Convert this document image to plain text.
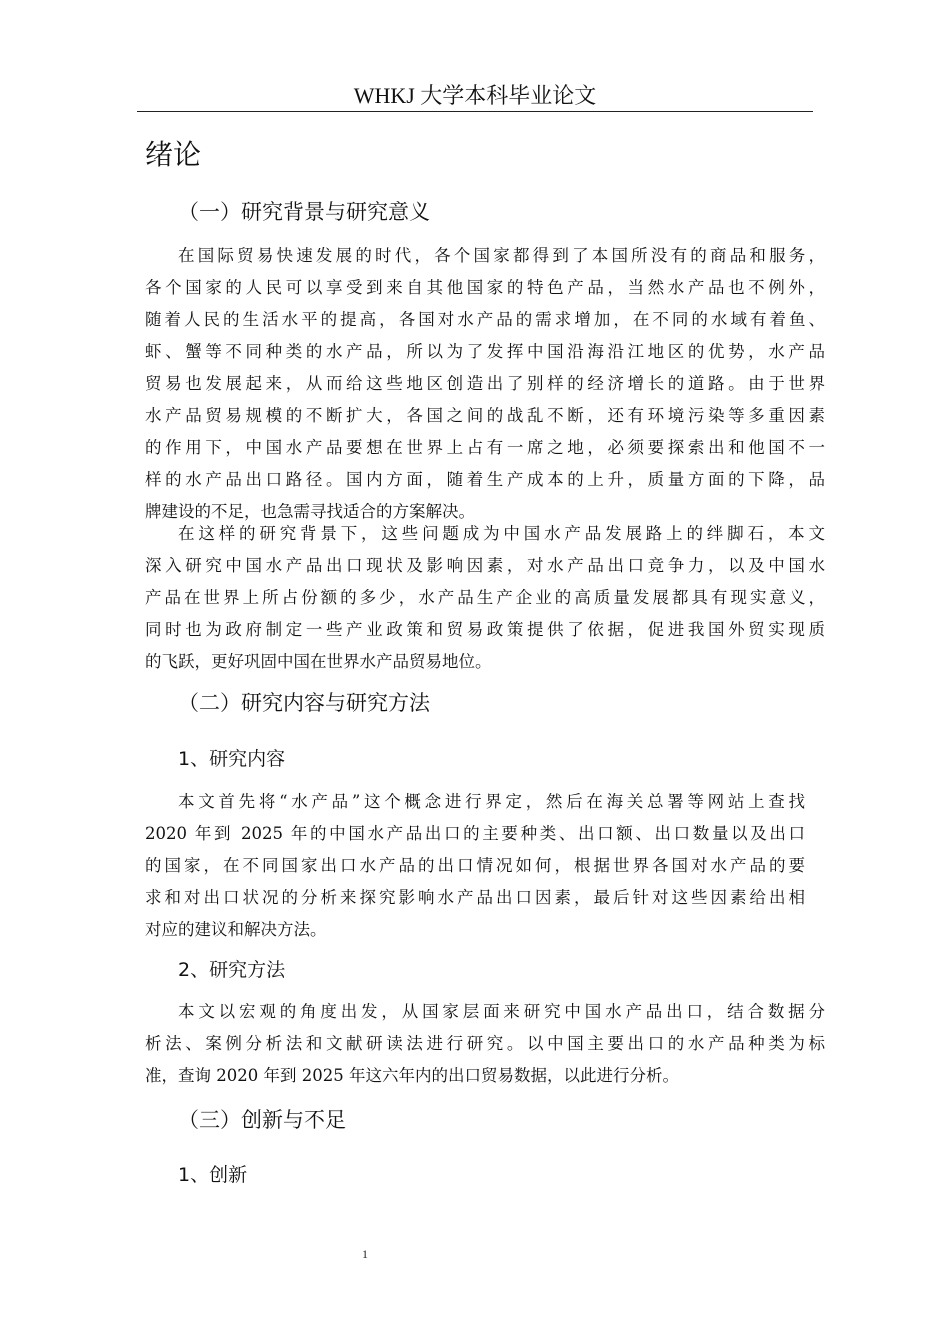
WHKJ 大学本科毕业论文
绪论
（一）研究背景与研究意义
在国际贸易快速发展的时代，各个国家都得到了本国所没有的商品和服务，
各个国家的人民可以享受到来自其他国家的特色产品，当然水产品也不例外，
随着人民的生活水平的提高，各国对水产品的需求增加，在不同的水域有着鱼、
虾、蟹等不同种类的水产品，所以为了发挥中国沿海沿江地区的优势，水产品
贸易也发展起来，从而给这些地区创造出了别样的经济增长的道路。由于世界
水产品贸易规模的不断扩大，各国之间的战乱不断，还有环境污染等多重因素
的作用下，中国水产品要想在世界上占有一席之地，必须要探索出和他国不一
样的水产品出口路径。国内方面，随着生产成本的上升，质量方面的下降，品
牌建设的不足，也急需寻找适合的方案解决。
在这样的研究背景下，这些问题成为中国水产品发展路上的绊脚石，本文
深入研究中国水产品出口现状及影响因素，对水产品出口竞争力，以及中国水
产品在世界上所占份额的多少，水产品生产企业的高质量发展都具有现实意义，
同时也为政府制定一些产业政策和贸易政策提供了依据，促进我国外贸实现质
的飞跃，更好巩固中国在世界水产品贸易地位。
（二）研究内容与研究方法
1、研究内容
本文首先将“水产品”这个概念进行界定，然后在海关总署等网站上查找
2020 年到 2025 年的中国水产品出口的主要种类、出口额、出口数量以及出口
的国家，在不同国家出口水产品的出口情况如何，根据世界各国对水产品的要
求和对出口状况的分析来探究影响水产品出口因素，最后针对这些因素给出相
对应的建议和解决方法。
2、研究方法
本文以宏观的角度出发，从国家层面来研究中国水产品出口，结合数据分
析法、案例分析法和文献研读法进行研究。以中国主要出口的水产品种类为标
准，查询 2020 年到 2025 年这六年内的出口贸易数据，以此进行分析。
（三）创新与不足
1、创新
1
